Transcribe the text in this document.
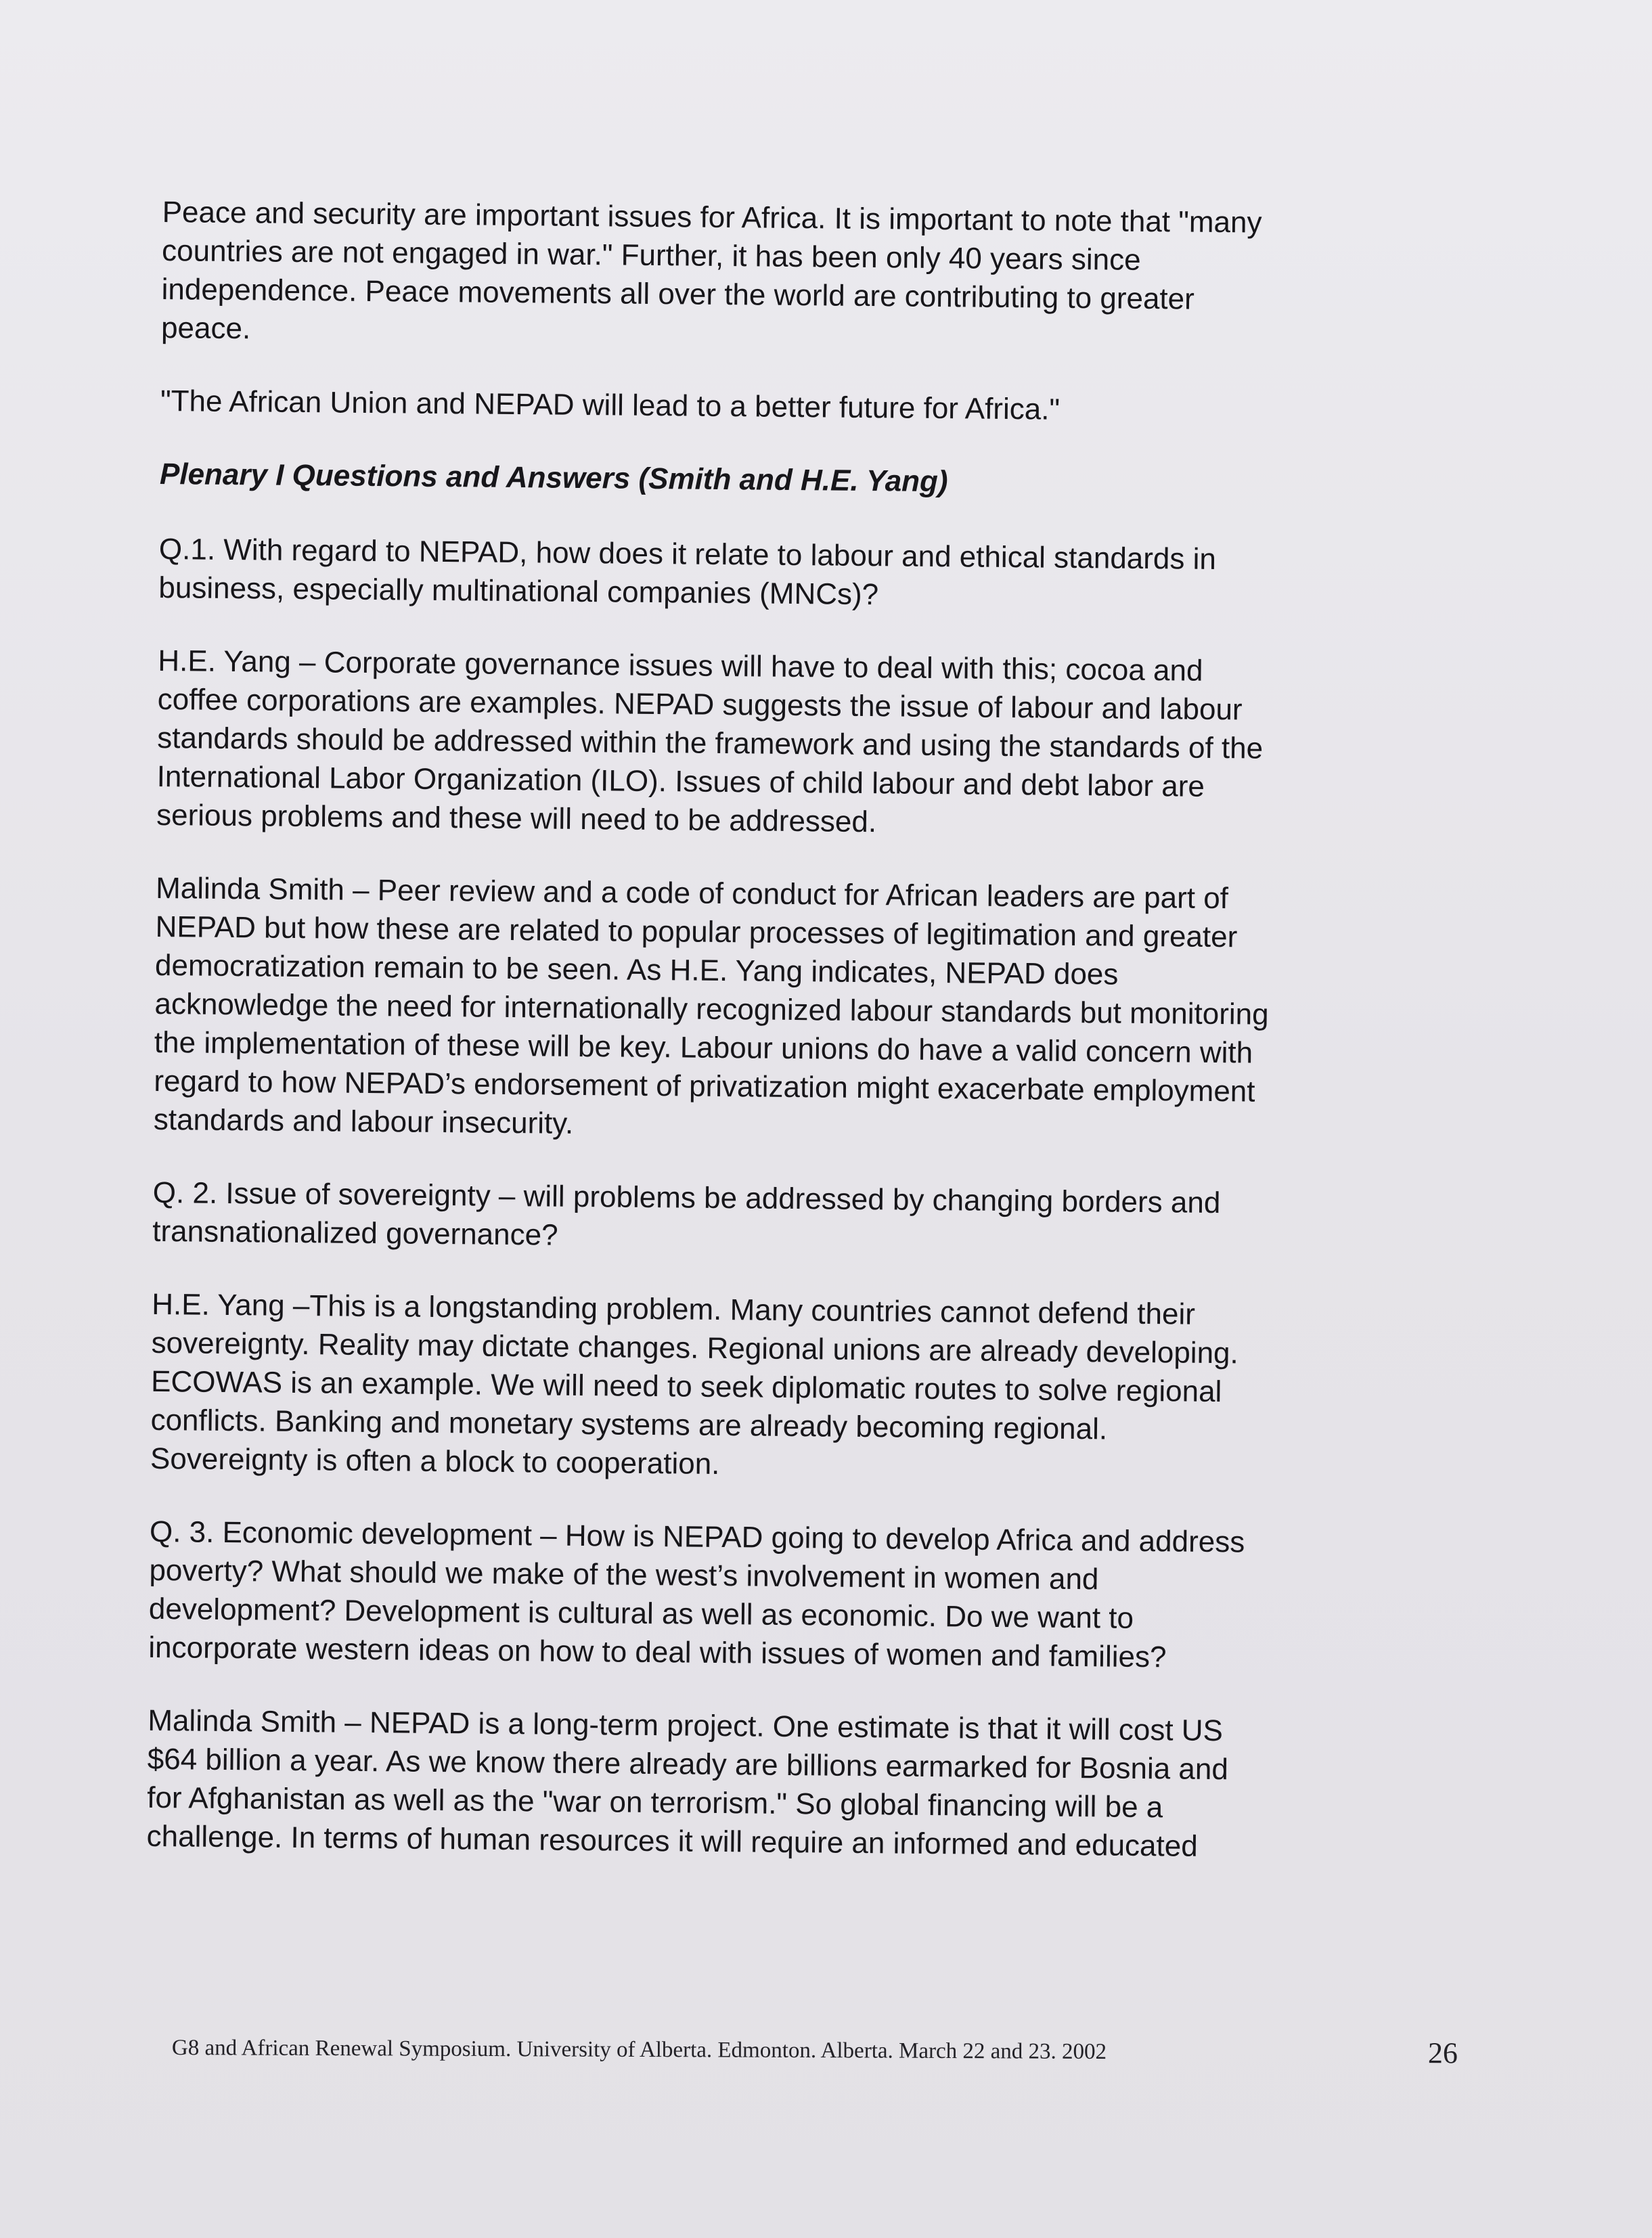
Peace and security are important issues for Africa. It is important to note that "many
countries are not engaged in war." Further, it has been only 40 years since
independence. Peace movements all over the world are contributing to greater
peace.

"The African Union and NEPAD will lead to a better future for Africa."

Plenary I Questions and Answers (Smith and H.E. Yang)

Q.1. With regard to NEPAD, how does it relate to labour and ethical standards in
business, especially multinational companies (MNCs)?

H.E. Yang – Corporate governance issues will have to deal with this; cocoa and
coffee corporations are examples. NEPAD suggests the issue of labour and labour
standards should be addressed within the framework and using the standards of the
International Labor Organization (ILO). Issues of child labour and debt labor are
serious problems and these will need to be addressed.

Malinda Smith – Peer review and a code of conduct for African leaders are part of
NEPAD but how these are related to popular processes of legitimation and greater
democratization remain to be seen. As H.E. Yang indicates, NEPAD does
acknowledge the need for internationally recognized labour standards but monitoring
the implementation of these will be key. Labour unions do have a valid concern with
regard to how NEPAD’s endorsement of privatization might exacerbate employment
standards and labour insecurity.

Q. 2. Issue of sovereignty – will problems be addressed by changing borders and
transnationalized governance?

H.E. Yang –This is a longstanding problem. Many countries cannot defend their
sovereignty. Reality may dictate changes. Regional unions are already developing.
ECOWAS is an example. We will need to seek diplomatic routes to solve regional
conflicts. Banking and monetary systems are already becoming regional.
Sovereignty is often a block to cooperation.

Q. 3. Economic development – How is NEPAD going to develop Africa and address
poverty? What should we make of the west’s involvement in women and
development? Development is cultural as well as economic. Do we want to
incorporate western ideas on how to deal with issues of women and families?

Malinda Smith – NEPAD is a long-term project. One estimate is that it will cost US
$64 billion a year. As we know there already are billions earmarked for Bosnia and
for Afghanistan as well as the "war on terrorism." So global financing will be a
challenge. In terms of human resources it will require an informed and educated

G8 and African Renewal Symposium. University of Alberta. Edmonton. Alberta. March 22 and 23. 2002	26
